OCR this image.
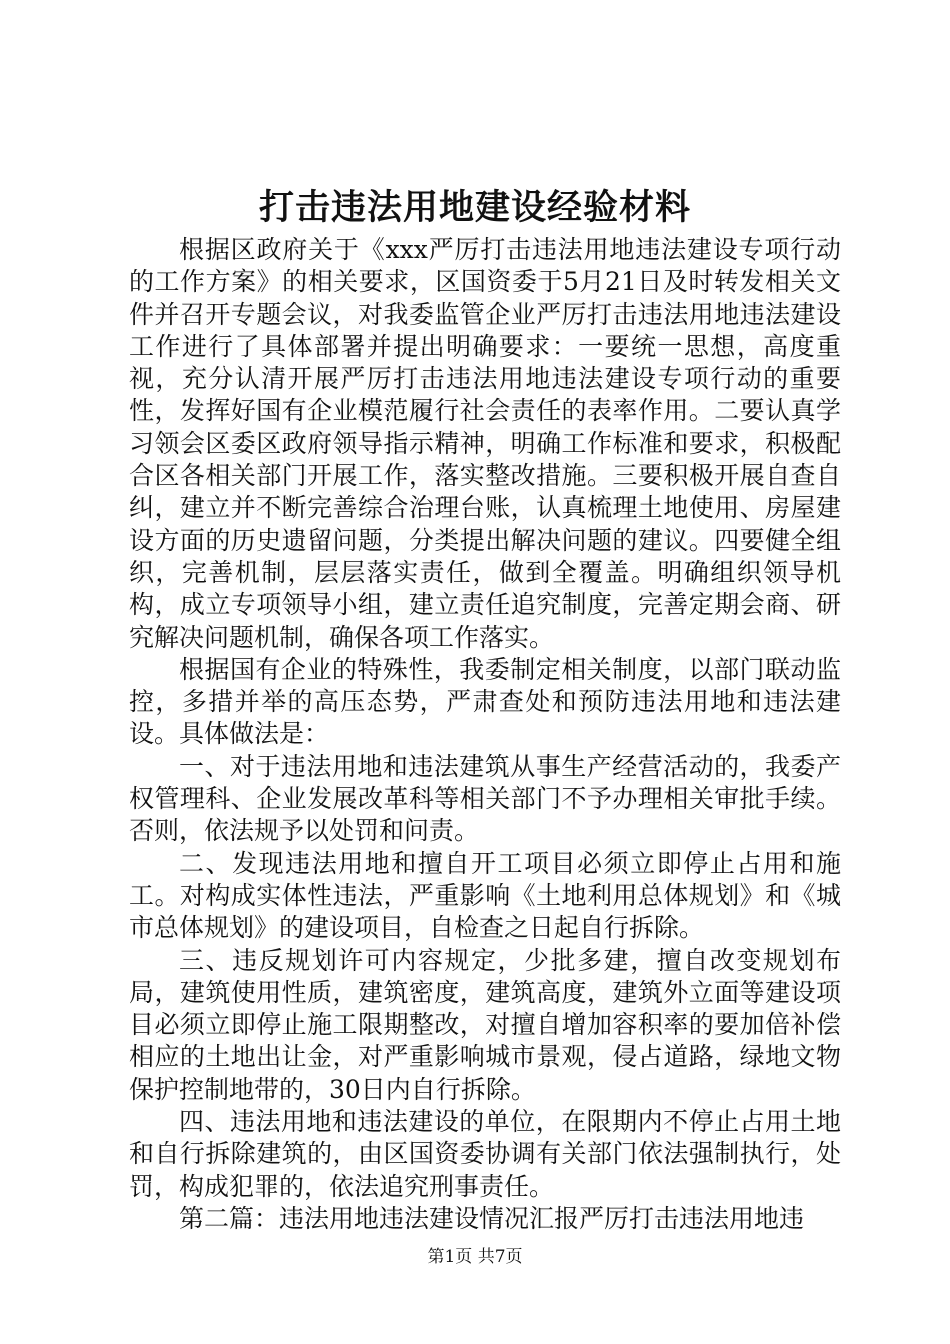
打击违法用地建设经验材料

根据区政府关于《xxx严厉打击违法用地违法建设专项行动的工作方案》的相关要求，区国资委于5月21日及时转发相关文件并召开专题会议，对我委监管企业严厉打击违法用地违法建设工作进行了具体部署并提出明确要求：一要统一思想，高度重视，充分认清开展严厉打击违法用地违法建设专项行动的重要性，发挥好国有企业模范履行社会责任的表率作用。二要认真学习领会区委区政府领导指示精神，明确工作标准和要求，积极配合区各相关部门开展工作，落实整改措施。三要积极开展自查自纠，建立并不断完善综合治理台账，认真梳理土地使用、房屋建设方面的历史遗留问题，分类提出解决问题的建议。四要健全组织，完善机制，层层落实责任，做到全覆盖。明确组织领导机构，成立专项领导小组，建立责任追究制度，完善定期会商、研究解决问题机制，确保各项工作落实。

根据国有企业的特殊性，我委制定相关制度，以部门联动监控，多措并举的高压态势，严肃查处和预防违法用地和违法建设。具体做法是：

一、对于违法用地和违法建筑从事生产经营活动的，我委产权管理科、企业发展改革科等相关部门不予办理相关审批手续。否则，依法规予以处罚和问责。

二、发现违法用地和擅自开工项目必须立即停止占用和施工。对构成实体性违法，严重影响《土地利用总体规划》和《城市总体规划》的建设项目，自检查之日起自行拆除。

三、违反规划许可内容规定，少批多建，擅自改变规划布局，建筑使用性质，建筑密度，建筑高度，建筑外立面等建设项目必须立即停止施工限期整改，对擅自增加容积率的要加倍补偿相应的土地出让金，对严重影响城市景观，侵占道路，绿地文物保护控制地带的，30日内自行拆除。

四、违法用地和违法建设的单位，在限期内不停止占用土地和自行拆除建筑的，由区国资委协调有关部门依法强制执行，处罚，构成犯罪的，依法追究刑事责任。

第二篇：违法用地违法建设情况汇报严厉打击违法用地违

第1页 共7页
